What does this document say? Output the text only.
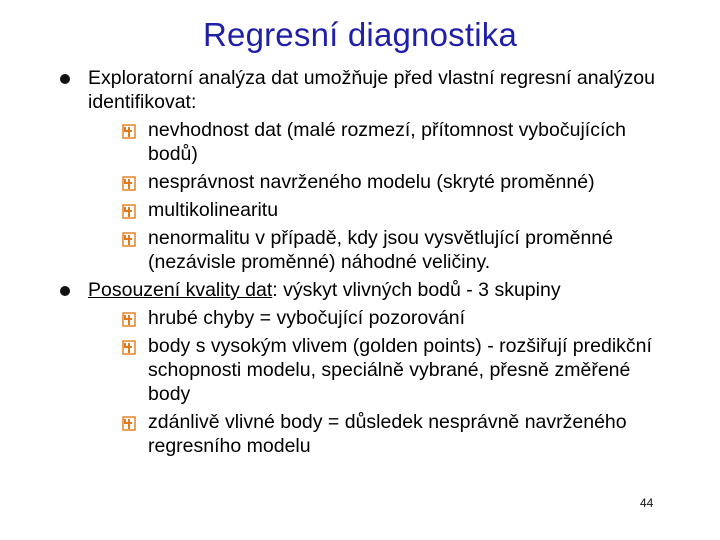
Regresní diagnostika
Exploratorní analýza dat umožňuje před vlastní regresní analýzou identifikovat:
nevhodnost dat (malé rozmezí, přítomnost vybočujících bodů)
nesprávnost navrženého modelu (skryté proměnné)
multikolinearitu
nenormalitu v případě, kdy jsou vysvětlující proměnné (nezávisle proměnné) náhodné veličiny.
Posouzení kvality dat: výskyt vlivných bodů - 3 skupiny
hrubé chyby = vybočující pozorování
body s vysokým vlivem (golden points) - rozšiřují predikční schopnosti modelu, speciálně vybrané, přesně změřené body
zdánlivě vlivné body = důsledek nesprávně navrženého regresního modelu
44
